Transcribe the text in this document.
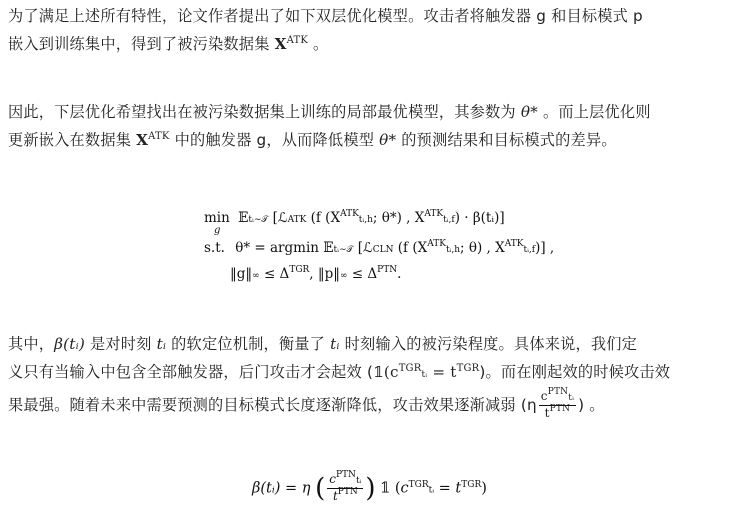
为了满足上述所有特性，论文作者提出了如下双层优化模型。攻击者将触发器 g 和目标模式 p
嵌入到训练集中，得到了被污染数据集 $X^{ATK}$ 。
因此，下层优化希望找出在被污染数据集上训练的局部最优模型，其参数为 θ* 。而上层优化则
更新嵌入在数据集 $X^{ATK}$ 中的触发器 g，从而降低模型 θ* 的预测结果和目标模式的差异。
min
g
𝔼tᵢ∼𝒯 [ℒATK (f ($X^{ATK}tᵢ,h$; θ*) , $X^{ATK}tᵢ,f$) · β(tᵢ)]
s.t. θ* = argmin 𝔼tᵢ∼𝒯 [ℒCLN (f ($X^{ATK}tᵢ,h$; θ) , $X^{ATK}tᵢ,f$)] ,
‖g‖∞ ≤ $\Delta^{TGR}$, ‖p‖∞ ≤ $\Delta^{PTN}$.
其中，β(tᵢ) 是对时刻 tᵢ 的软定位机制，衡量了 tᵢ 时刻输入的被污染程度。具体来说，我们定
义只有当输入中包含全部触发器，后门攻击才会起效 ($𝟙(c^{TGR}tᵢ = t^{TGR})$。而在刚起效的时候攻击效
果最强。随着未来中需要预测的目标模式长度逐渐降低，攻击效果逐渐减弱 ($\eta \frac{c^{PTN}tᵢ}{t^{PTN}}$ ) 。
β(tᵢ) = η ( $\frac{c^{PTN}tᵢ}{t^{PTN}}$ ) 𝟙 $(c^{TGR}tᵢ = t^{TGR})$
